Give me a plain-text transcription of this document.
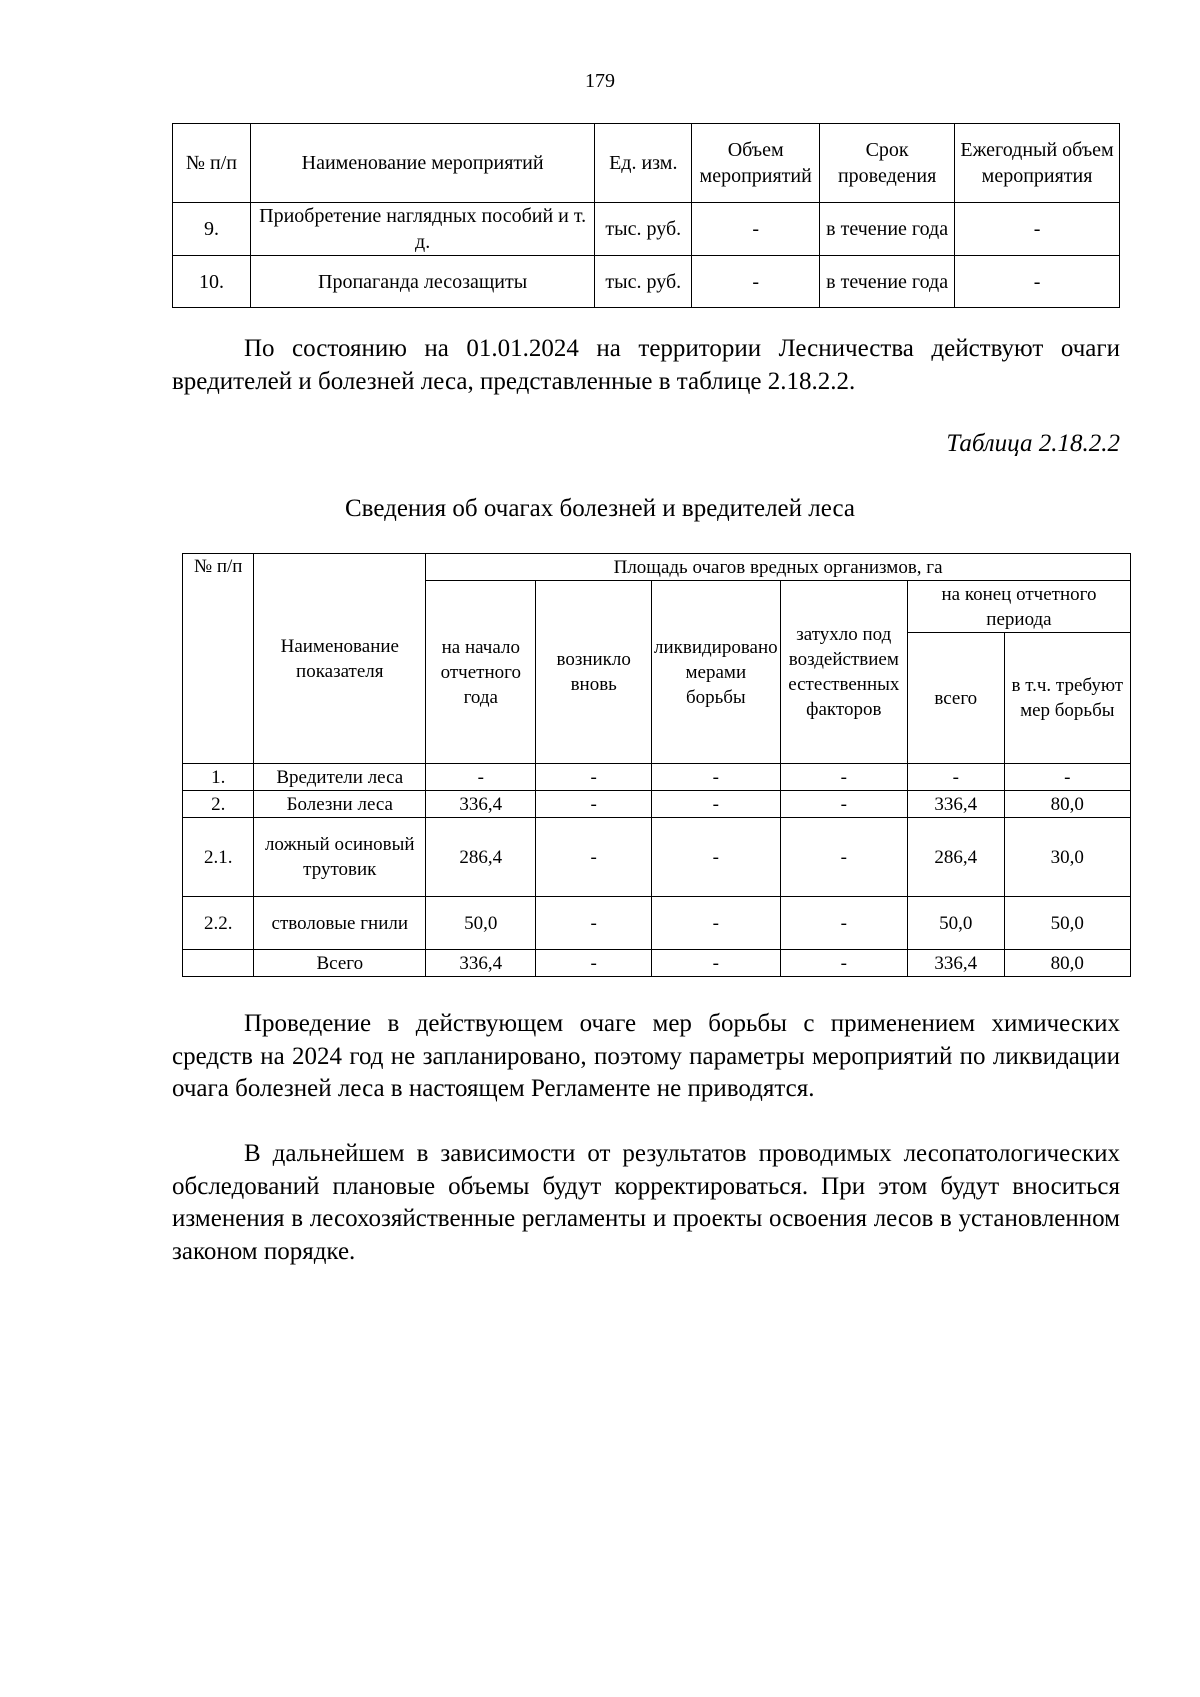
179
№ п/п	Наименование мероприятий	Ед. изм.	Объем мероприятий	Срок проведения	Ежегодный объем мероприятия
9.	Приобретение наглядных пособий и т. д.	тыс. руб.	-	в течение года	-
10.	Пропаганда лесозащиты	тыс. руб.	-	в течение года	-

По состоянию на 01.01.2024 на территории Лесничества действуют очаги вредителей и болезней леса, представленные в таблице 2.18.2.2.

Таблица 2.18.2.2
Сведения об очагах болезней и вредителей леса
№ п/п	Наименование показателя	Площадь очагов вредных организмов, га					
		на начало отчетного года	возникло вновь	ликвидировано мерами борьбы	затухло под воздействием естественных факторов	на конец отчетного периода	
						всего	в т.ч. требуют мер борьбы
1.	Вредители леса	-	-	-	-	-	-
2.	Болезни леса	336,4	-	-	-	336,4	80,0
2.1.	ложный осиновый трутовик	286,4	-	-	-	286,4	30,0
2.2.	стволовые гнили	50,0	-	-	-	50,0	50,0
	Всего	336,4	-	-	-	336,4	80,0

Проведение в действующем очаге мер борьбы с применением химических средств на 2024 год не запланировано, поэтому параметры мероприятий по ликвидации очага болезней леса в настоящем Регламенте не приводятся.

В дальнейшем в зависимости от результатов проводимых лесопатологических обследований плановые объемы будут корректироваться. При этом будут вноситься изменения в лесохозяйственные регламенты и проекты освоения лесов в установленном законом порядке.
